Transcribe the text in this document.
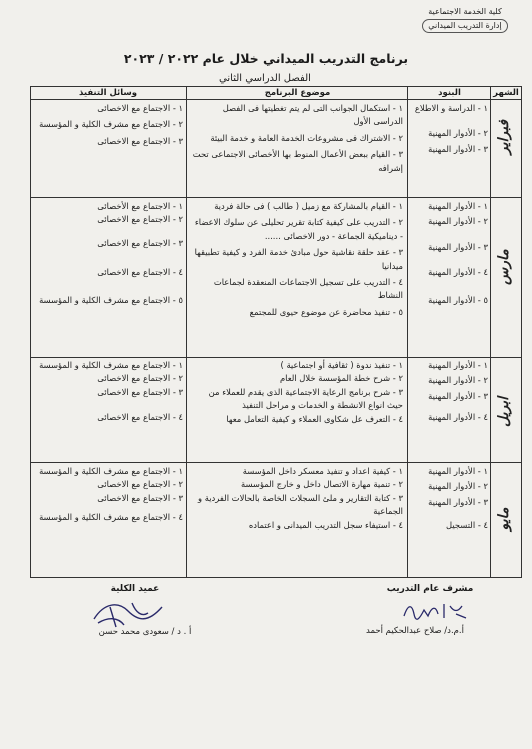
كلية الخدمة الاجتماعية
إدارة التدريب الميداني
برنامج التدريب الميداني خلال عام ٢٠٢٢ / ٢٠٢٣
الفصل الدراسي الثاني
الشهر
البنود
موضوع البرنامج
وسائل التنفيذ
فبراير

١ - الدراسة و الاطلاع

٢ - الأدوار المهنية

٣ - الأدوار المهنية

١ - استكمال الجوانب التى لم يتم تغطيتها فى الفصل الدراسى الأول

٢ - الاشتراك فى مشروعات الخدمة العامة و خدمة البيئة

٣ - القيام ببعض الأعمال المنوط بها الأخصائى الاجتماعى تحت إشرافه

١ - الاجتماع مع الاخصائى

٢ - الاجتماع مع مشرف الكلية و المؤسسة

٣ - الاجتماع مع الاخصائى

مارس

١ - الأدوار المهنية

٢ - الأدوار المهنية

٣ - الأدوار المهنية

٤ - الأدوار المهنية

٥ - الأدوار المهنية

١ - القيام بالمشاركة مع زميل ( طالب ) فى حالة فردية

٢ - التدريب على كيفية كتابة تقرير تحليلى عن سلوك الاعضاء - ديناميكية الجماعة - دور الاخصائى ......

٣ - عقد حلقة نقاشية حول مبادئ خدمة الفرد و كيفية تطبيقها ميدانيا

٤ - التدريب على تسجيل الاجتماعات المنعقدة لجماعات النشاط

٥ - تنفيذ محاضرة عن موضوع حيوى للمجتمع

١ - الاجتماع مع الأخصائى

٢ - الاجتماع مع الاخصائى

٣ - الاجتماع مع الاخصائى

٤ - الاجتماع مع الاخصائى

٥ - الاجتماع مع مشرف الكلية و المؤسسة

ابريل

١ - الأدوار المهنية

٢ - الأدوار المهنية

٣ - الأدوار المهنية

٤ - الأدوار المهنية

١ - تنفيذ ندوة ( ثقافية أو اجتماعية )

٢ - شرح خطة المؤسسة خلال العام

٣ - شرح برنامج الرعاية الاجتماعية الذى يقدم للعملاء من حيث انواع الانشطة و الخدمات و مراحل التنفيذ

٤ - التعرف عل شكاوى العملاء و كيفية التعامل معها

١ - الاجتماع مع مشرف الكلية و المؤسسة

٢ - الاجتماع مع الاخصائى

٣ - الاجتماع مع الاخصائى

٤ - الاجتماع مع الاخصائى

مايو

١ - الأدوار المهنية

٢ - الأدوار المهنية

٣ - الأدوار المهنية

٤ - التسجيل

١ - كيفية اعداد و تنفيذ معسكر داخل المؤسسة

٢ - تنمية مهارة الاتصال داخل و خارج المؤسسة

٣ - كتابة التقارير و ملئ السجلات الخاصة بالحالات الفردية و الجماعية

٤ - استيفاء سجل التدريب الميدانى و اعتماده

١ - الاجتماع مع مشرف الكلية و المؤسسة

٢ - الاجتماع مع الاخصائى

٣ - الاجتماع مع الاخصائى

٤ - الاجتماع مع مشرف الكلية و المؤسسة

مشرف عام التدريب
عميد الكلية
أ.م.د/ صلاح عبدالحكيم أحمد
أ . د / سعودى محمد حسن
